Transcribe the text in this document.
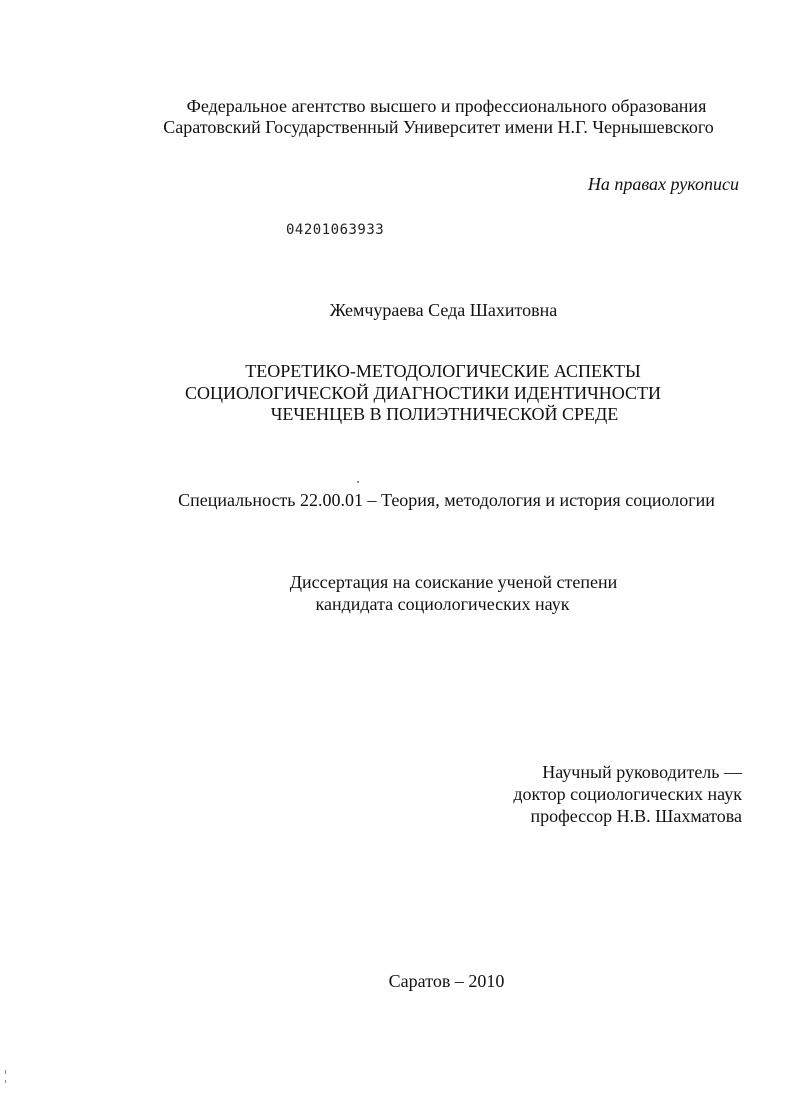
Федеральное агентство высшего и профессионального образования
Саратовский Государственный Университет имени Н.Г. Чернышевского
На правах рукописи
04201063933
Жемчураева Седа Шахитовна
ТЕОРЕТИКО-МЕТОДОЛОГИЧЕСКИЕ АСПЕКТЫ
СОЦИОЛОГИЧЕСКОЙ ДИАГНОСТИКИ ИДЕНТИЧНОСТИ
ЧЕЧЕНЦЕВ В ПОЛИЭТНИЧЕСКОЙ СРЕДЕ
Специальность 22.00.01 – Теория, методология и история социологии
Диссертация на соискание ученой степени
кандидата социологических наук
Научный руководитель —
доктор социологических наук
профессор Н.В. Шахматова
Саратов – 2010
